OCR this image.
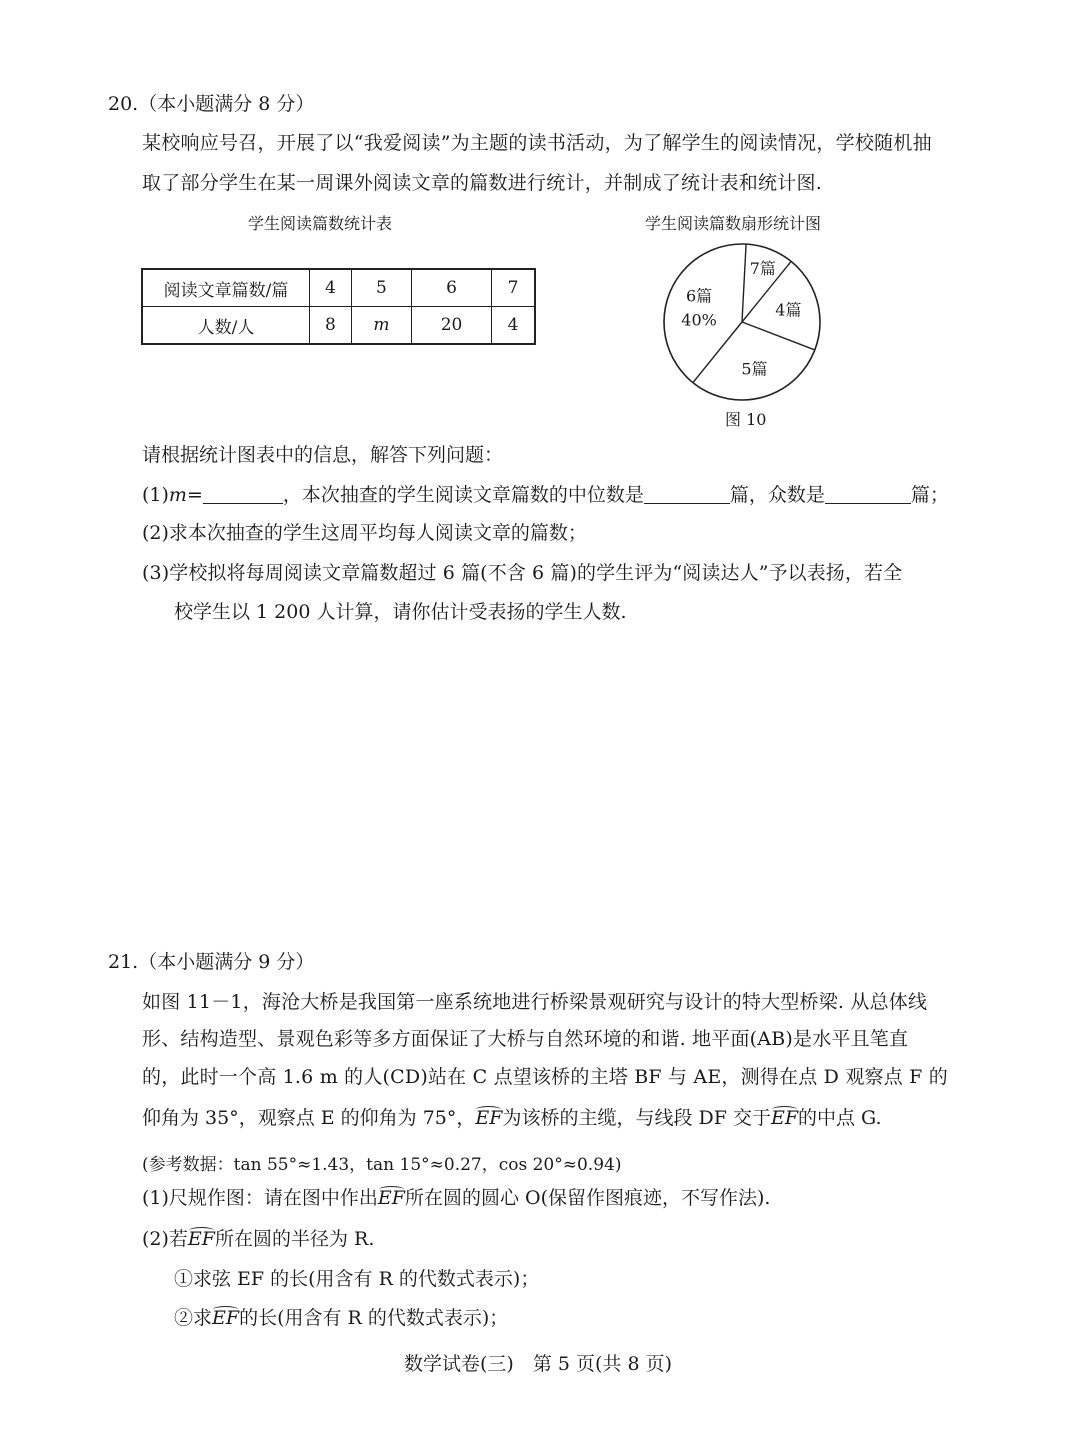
20.（本小题满分 8 分）
某校响应号召，开展了以“我爱阅读”为主题的读书活动，为了解学生的阅读情况，学校随机抽
取了部分学生在某一周课外阅读文章的篇数进行统计，并制成了统计表和统计图.
学生阅读篇数统计表	学生阅读篇数扇形统计图
阅读文章篇数/篇	4	5	6	7
人数/人	8	m	20	4
7篇
4篇
5篇
6篇
40%
图 10
请根据统计图表中的信息，解答下列问题：
(1)m=	，本次抽查的学生阅读文章篇数的中位数是	篇，众数是	篇；
(2)求本次抽查的学生这周平均每人阅读文章的篇数；
(3)学校拟将每周阅读文章篇数超过 6 篇(不含 6 篇)的学生评为“阅读达人”予以表扬，若全
校学生以 1 200 人计算，请你估计受表扬的学生人数.
21.（本小题满分 9 分）
如图 11－1，海沧大桥是我国第一座系统地进行桥梁景观研究与设计的特大型桥梁. 从总体线
形、结构造型、景观色彩等多方面保证了大桥与自然环境的和谐. 地平面(AB)是水平且笔直
的，此时一个高 1.6 m 的人(CD)站在 C 点望该桥的主塔 BF 与 AE，测得在点 D 观察点 F 的
仰角为 35°，观察点 E 的仰角为 75°，EF为该桥的主缆，与线段 DF 交于EF的中点 G.
(参考数据：tan 55°≈1.43，tan 15°≈0.27，cos 20°≈0.94)
(1)尺规作图：请在图中作出EF所在圆的圆心 O(保留作图痕迹，不写作法).
(2)若EF所在圆的半径为 R.
①求弦 EF 的长(用含有 R 的代数式表示)；
②求EF的长(用含有 R 的代数式表示)；
数学试卷(三)　第 5 页(共 8 页)
